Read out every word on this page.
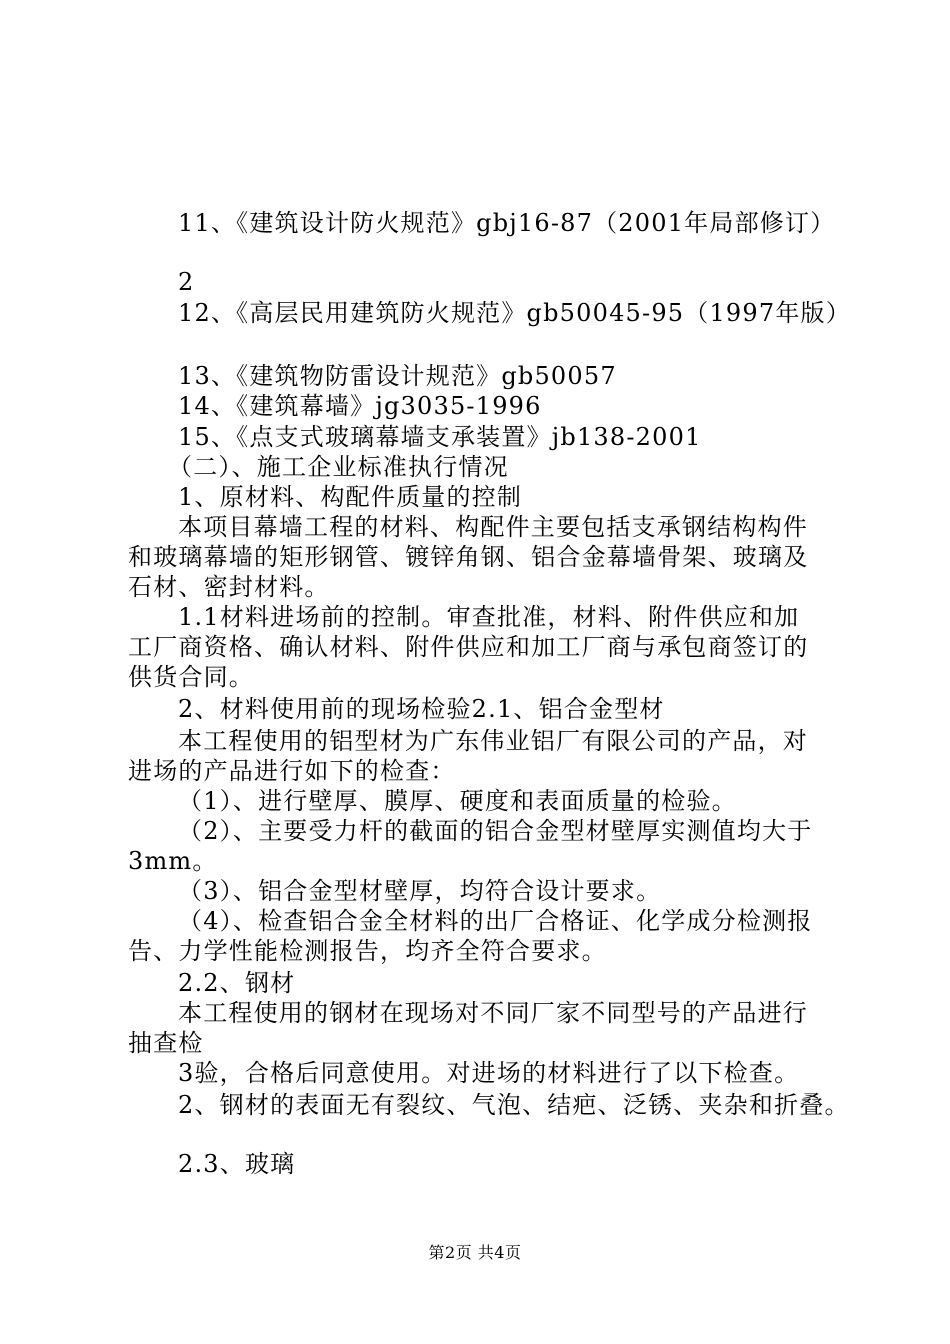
11、《建筑设计防火规范》gbj16-87（2001年局部修订）
2
12、《高层民用建筑防火规范》gb50045-95（1997年版）
13、《建筑物防雷设计规范》gb50057
14、《建筑幕墙》jg3035-1996
15、《点支式玻璃幕墙支承装置》jb138-2001
（二）、施工企业标准执行情况
1、原材料、构配件质量的控制
本项目幕墙工程的材料、构配件主要包括支承钢结构构件
和玻璃幕墙的矩形钢管、镀锌角钢、铝合金幕墙骨架、玻璃及
石材、密封材料。
1.1材料进场前的控制。审查批准，材料、附件供应和加
工厂商资格、确认材料、附件供应和加工厂商与承包商签订的
供货合同。
2、材料使用前的现场检验2.1、铝合金型材
本工程使用的铝型材为广东伟业铝厂有限公司的产品，对
进场的产品进行如下的检查：
（1）、进行壁厚、膜厚、硬度和表面质量的检验。
（2）、主要受力杆的截面的铝合金型材壁厚实测值均大于
3mm。
（3）、铝合金型材壁厚，均符合设计要求。
（4）、检查铝合金全材料的出厂合格证、化学成分检测报
告、力学性能检测报告，均齐全符合要求。
2.2、钢材
本工程使用的钢材在现场对不同厂家不同型号的产品进行
抽查检
3验，合格后同意使用。对进场的材料进行了以下检查。
2、钢材的表面无有裂纹、气泡、结疤、泛锈、夹杂和折叠。
2.3、玻璃
第2页 共4页
